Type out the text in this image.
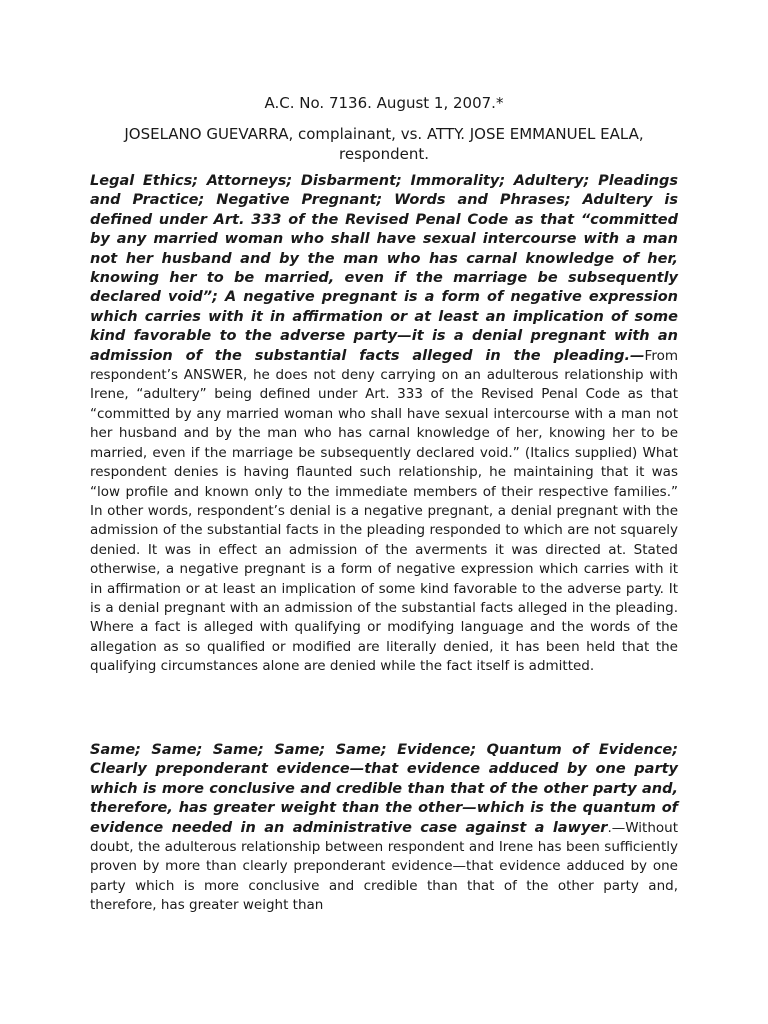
A.C. No. 7136. August 1, 2007.*
JOSELANO GUEVARRA, complainant, vs. ATTY. JOSE EMMANUEL EALA, respondent.

Legal Ethics; Attorneys; Disbarment; Immorality; Adultery; Pleadings and Practice; Negative Pregnant; Words and Phrases; Adultery is defined under Art. 333 of the Revised Penal Code as that “committed by any married woman who shall have sexual intercourse with a man not her husband and by the man who has carnal knowledge of her, knowing her to be married, even if the marriage be subsequently declared void”; A negative pregnant is a form of negative expression which carries with it in affirmation or at least an implication of some kind favorable to the adverse party—it is a denial pregnant with an admission of the substantial facts alleged in the pleading.—From respondent’s ANSWER, he does not deny carrying on an adulterous relationship with Irene, “adultery” being defined under Art. 333 of the Revised Penal Code as that “committed by any married woman who shall have sexual intercourse with a man not her husband and by the man who has carnal knowledge of her, knowing her to be married, even if the marriage be subsequently declared void.” (Italics supplied) What respondent denies is having flaunted such relationship, he maintaining that it was “low profile and known only to the immediate members of their respective families.” In other words, respondent’s denial is a negative pregnant, a denial pregnant with the admission of the substantial facts in the pleading responded to which are not squarely denied. It was in effect an admission of the averments it was directed at. Stated otherwise, a negative pregnant is a form of negative expression which carries with it in affirmation or at least an implication of some kind favorable to the adverse party. It is a denial pregnant with an admission of the substantial facts alleged in the pleading. Where a fact is alleged with qualifying or modifying language and the words of the allegation as so qualified or modified are literally denied, it has been held that the qualifying circumstances alone are denied while the fact itself is admitted.

Same; Same; Same; Same; Same; Evidence; Quantum of Evidence; Clearly preponderant evidence—that evidence adduced by one party which is more conclusive and credible than that of the other party and, therefore, has greater weight than the other—which is the quantum of evidence needed in an administrative case against a lawyer.—Without doubt, the adulterous relationship between respondent and Irene has been sufficiently proven by more than clearly preponderant evidence—that evidence adduced by one party which is more conclusive and credible than that of the other party and, therefore, has greater weight than
